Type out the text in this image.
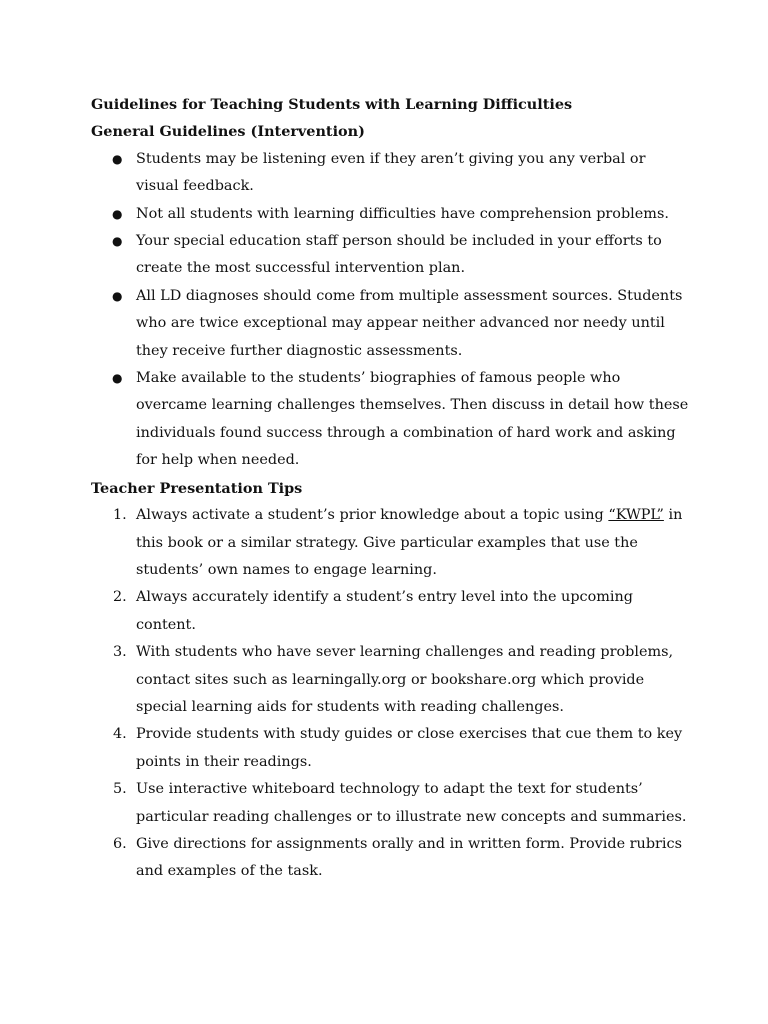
Guidelines for Teaching Students with Learning Difficulties
General Guidelines (Intervention)
● Students may be listening even if they aren’t giving you any verbal or visual feedback.
● Not all students with learning difficulties have comprehension problems.
● Your special education staff person should be included in your efforts to create the most successful intervention plan.
● All LD diagnoses should come from multiple assessment sources. Students who are twice exceptional may appear neither advanced nor needy until they receive further diagnostic assessments.
● Make available to the students’ biographies of famous people who overcame learning challenges themselves. Then discuss in detail how these individuals found success through a combination of hard work and asking for help when needed.
Teacher Presentation Tips
1. Always activate a student’s prior knowledge about a topic using “KWPL” in this book or a similar strategy. Give particular examples that use the students’ own names to engage learning.
2. Always accurately identify a student’s entry level into the upcoming content.
3. With students who have sever learning challenges and reading problems, contact sites such as learningally.org or bookshare.org which provide special learning aids for students with reading challenges.
4. Provide students with study guides or close exercises that cue them to key points in their readings.
5. Use interactive whiteboard technology to adapt the text for students’ particular reading challenges or to illustrate new concepts and summaries.
6. Give directions for assignments orally and in written form. Provide rubrics and examples of the task.
